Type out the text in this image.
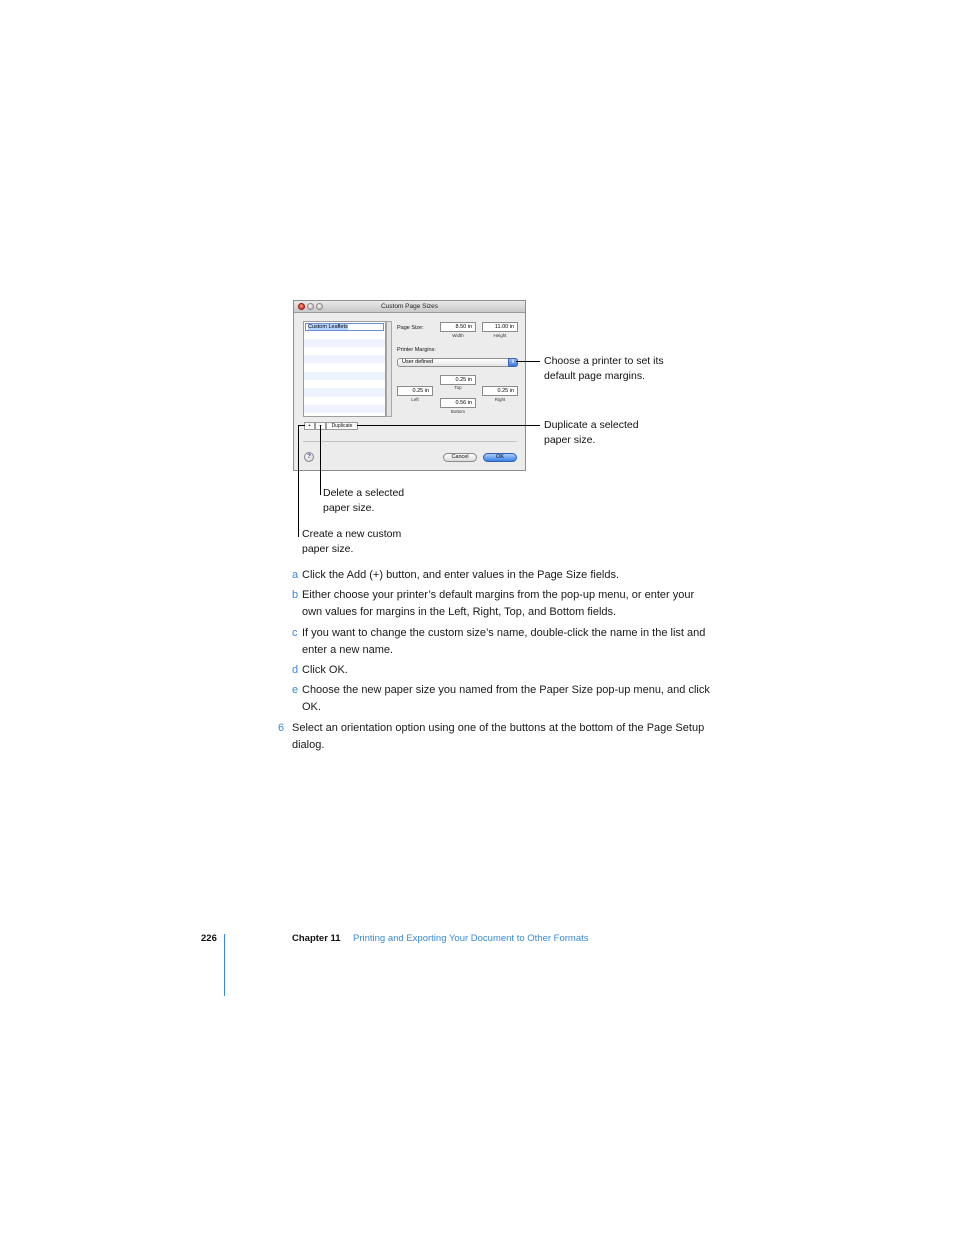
Custom Page Sizes
Custom Leaflets	Page Size:	8.50 in
Width
11.00 in
Height
Printer Margins:
User defined	⇕
0.25 in
Top
0.25 in
Left
0.25 in
Right
0.56 in
Bottom
+	Duplicate
?	Cancel	OK
Choose a printer to set its
default page margins.
Duplicate a selected
paper size.
Delete a selected
paper size.
Create a new custom
paper size.
a Click the Add (+) button, and enter values in the Page Size fields.
b Either choose your printer’s default margins from the pop-up menu, or enter your
own values for margins in the Left, Right, Top, and Bottom fields.
c If you want to change the custom size’s name, double-click the name in the list and
enter a new name.
d Click OK.
e Choose the new paper size you named from the Paper Size pop-up menu, and click
OK.
6 Select an orientation option using one of the buttons at the bottom of the Page Setup
dialog.
226	Chapter 11 Printing and Exporting Your Document to Other Formats
